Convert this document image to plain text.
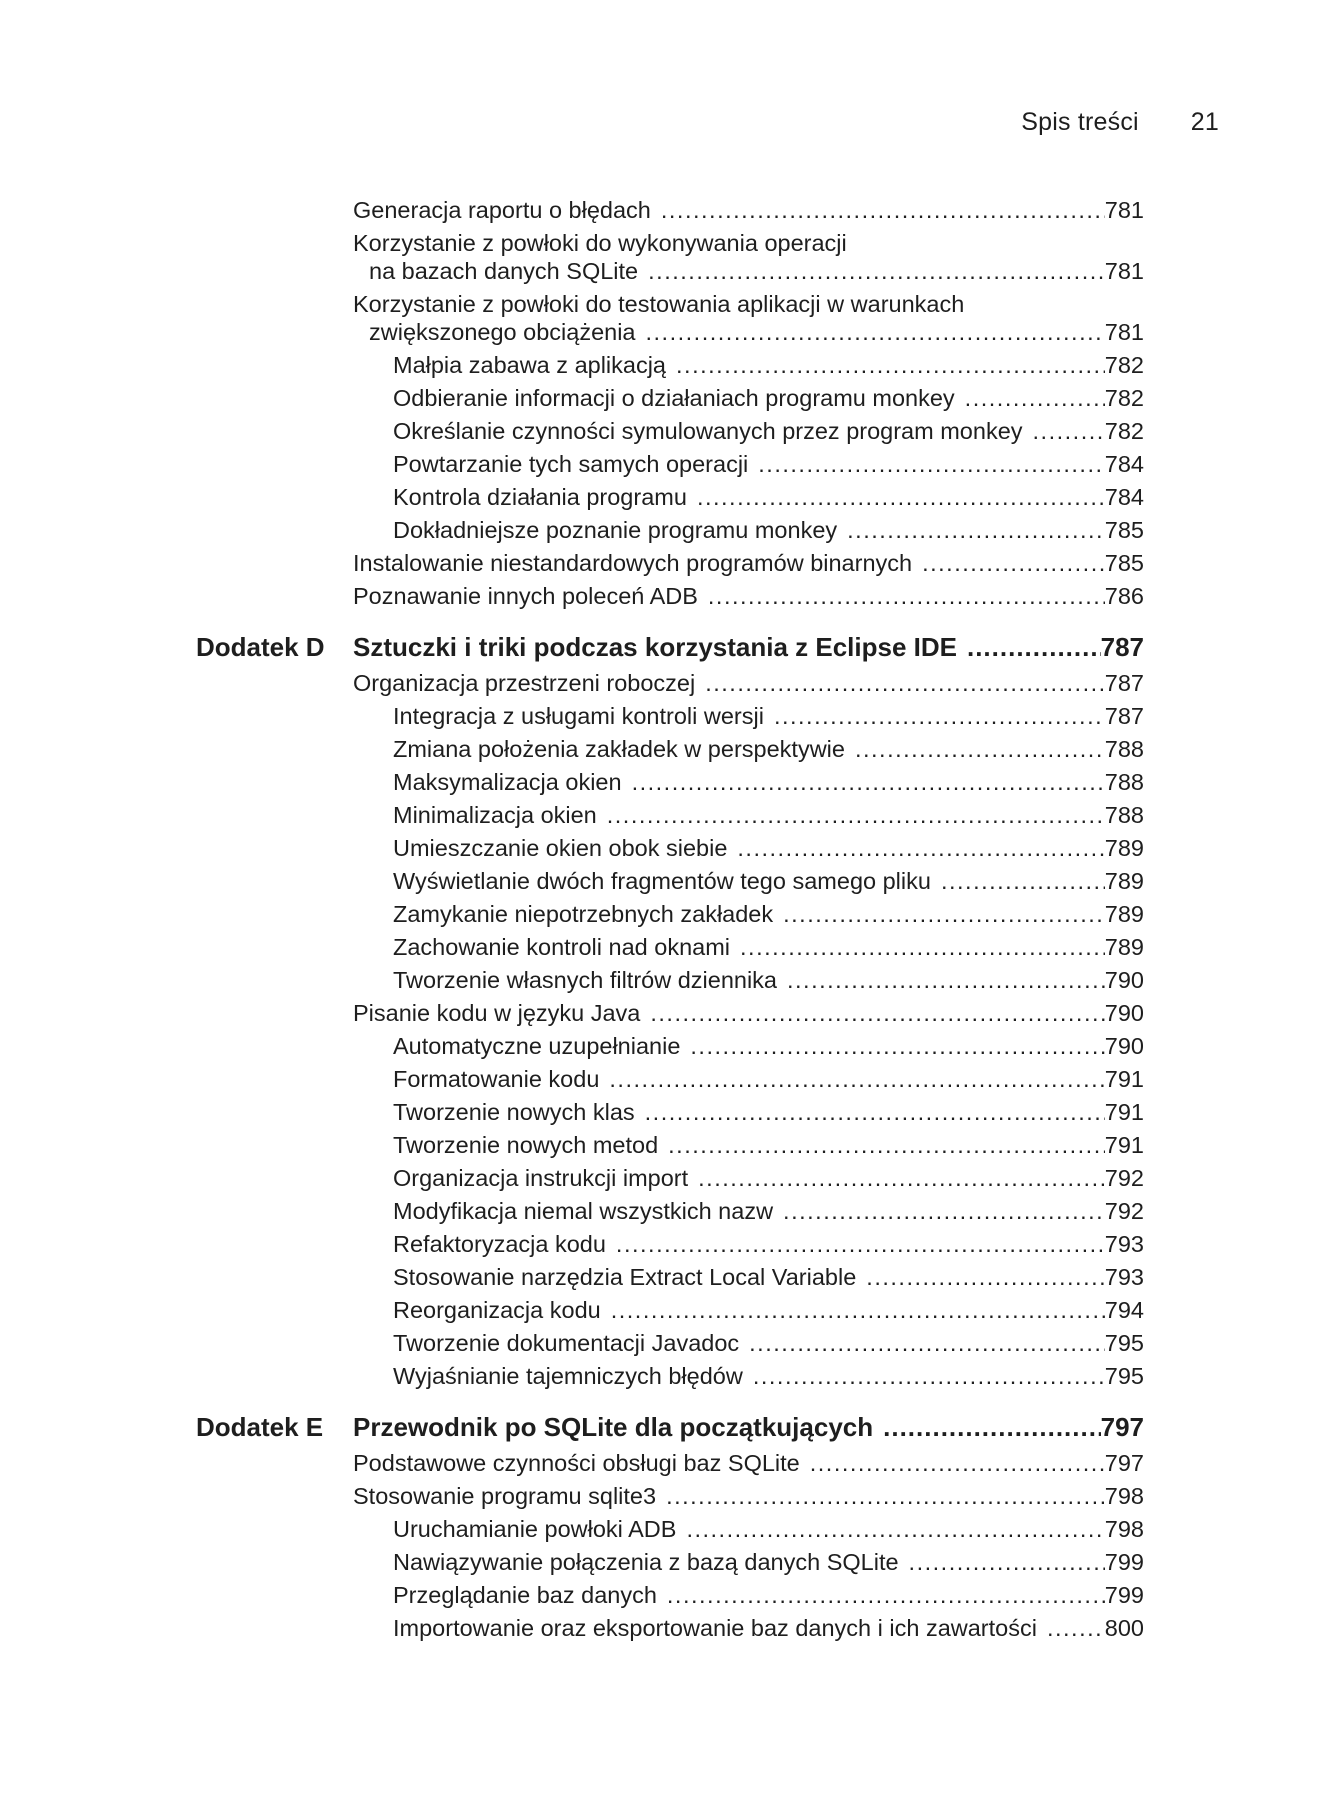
Spis treści 21
Generacja raportu o błędach .....	781
Korzystanie z powłoki do wykonywania operacji
na bazach danych SQLite .....	781
Korzystanie z powłoki do testowania aplikacji w warunkach
zwiększonego obciążenia .....	781
Małpia zabawa z aplikacją .....	782
Odbieranie informacji o działaniach programu monkey .....	782
Określanie czynności symulowanych przez program monkey .....	782
Powtarzanie tych samych operacji .....	784
Kontrola działania programu .....	784
Dokładniejsze poznanie programu monkey .....	785
Instalowanie niestandardowych programów binarnych .....	785
Poznawanie innych poleceń ADB .....	786
Dodatek D Sztuczki i triki podczas korzystania z Eclipse IDE .....	787
Organizacja przestrzeni roboczej .....	787
Integracja z usługami kontroli wersji .....	787
Zmiana położenia zakładek w perspektywie .....	788
Maksymalizacja okien .....	788
Minimalizacja okien .....	788
Umieszczanie okien obok siebie .....	789
Wyświetlanie dwóch fragmentów tego samego pliku .....	789
Zamykanie niepotrzebnych zakładek .....	789
Zachowanie kontroli nad oknami .....	789
Tworzenie własnych filtrów dziennika .....	790
Pisanie kodu w języku Java .....	790
Automatyczne uzupełnianie .....	790
Formatowanie kodu .....	791
Tworzenie nowych klas .....	791
Tworzenie nowych metod .....	791
Organizacja instrukcji import .....	792
Modyfikacja niemal wszystkich nazw .....	792
Refaktoryzacja kodu .....	793
Stosowanie narzędzia Extract Local Variable .....	793
Reorganizacja kodu .....	794
Tworzenie dokumentacji Javadoc .....	795
Wyjaśnianie tajemniczych błędów .....	795
Dodatek E Przewodnik po SQLite dla początkujących .....	797
Podstawowe czynności obsługi baz SQLite .....	797
Stosowanie programu sqlite3 .....	798
Uruchamianie powłoki ADB .....	798
Nawiązywanie połączenia z bazą danych SQLite .....	799
Przeglądanie baz danych .....	799
Importowanie oraz eksportowanie baz danych i ich zawartości .....	800
